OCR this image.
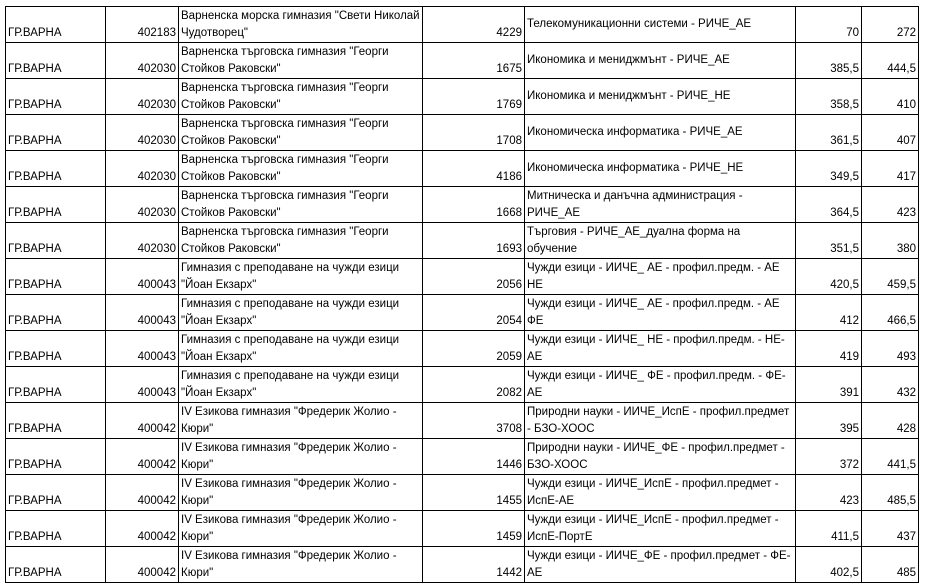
ГР.ВАРНА	402183	Варненска морска гимназия "Свети Николай Чудотворец"	4229	Телекомуникационни системи - РИЧЕ_АЕ	70	272
ГР.ВАРНА	402030	Варненска търговска гимназия "Георги Стойков Раковски"	1675	Икономика и мениджмънт - РИЧЕ_АЕ	385,5	444,5
ГР.ВАРНА	402030	Варненска търговска гимназия "Георги Стойков Раковски"	1769	Икономика и мениджмънт - РИЧЕ_НЕ	358,5	410
ГР.ВАРНА	402030	Варненска търговска гимназия "Георги Стойков Раковски"	1708	Икономическа информатика - РИЧЕ_АЕ	361,5	407
ГР.ВАРНА	402030	Варненска търговска гимназия "Георги Стойков Раковски"	4186	Икономическа информатика - РИЧЕ_НЕ	349,5	417
ГР.ВАРНА	402030	Варненска търговска гимназия "Георги Стойков Раковски"	1668	Митническа и данъчна администрация - РИЧЕ_АЕ	364,5	423
ГР.ВАРНА	402030	Варненска търговска гимназия "Георги Стойков Раковски"	1693	Търговия - РИЧЕ_АЕ_дуална форма на обучение	351,5	380
ГР.ВАРНА	400043	Гимназия с преподаване на чужди езици "Йоан Екзарх"	2056	Чужди езици - ИИЧЕ_ АЕ - профил.предм. - АЕ НЕ	420,5	459,5
ГР.ВАРНА	400043	Гимназия с преподаване на чужди езици "Йоан Екзарх"	2054	Чужди езици - ИИЧЕ_ АЕ - профил.предм. - АЕ ФЕ	412	466,5
ГР.ВАРНА	400043	Гимназия с преподаване на чужди езици "Йоан Екзарх"	2059	Чужди езици - ИИЧЕ_ НЕ - профил.предм. - НЕ-АЕ	419	493
ГР.ВАРНА	400043	Гимназия с преподаване на чужди езици "Йоан Екзарх"	2082	Чужди езици - ИИЧЕ_ ФЕ - профил.предм. - ФЕ-АЕ	391	432
ГР.ВАРНА	400042	IV Езикова гимназия "Фредерик Жолио - Кюри"	3708	Природни науки - ИИЧЕ_ИспЕ - профил.предмет - БЗО-ХООС	395	428
ГР.ВАРНА	400042	IV Езикова гимназия "Фредерик Жолио - Кюри"	1446	Природни науки - ИИЧЕ_ФЕ - профил.предмет - БЗО-ХООС	372	441,5
ГР.ВАРНА	400042	IV Езикова гимназия "Фредерик Жолио - Кюри"	1455	Чужди езици - ИИЧЕ_ИспЕ - профил.предмет - ИспЕ-АЕ	423	485,5
ГР.ВАРНА	400042	IV Езикова гимназия "Фредерик Жолио - Кюри"	1459	Чужди езици - ИИЧЕ_ИспЕ - профил.предмет - ИспЕ-ПортЕ	411,5	437
ГР.ВАРНА	400042	IV Езикова гимназия "Фредерик Жолио - Кюри"	1442	Чужди езици - ИИЧЕ_ФЕ - профил.предмет - ФЕ-АЕ	402,5	485
